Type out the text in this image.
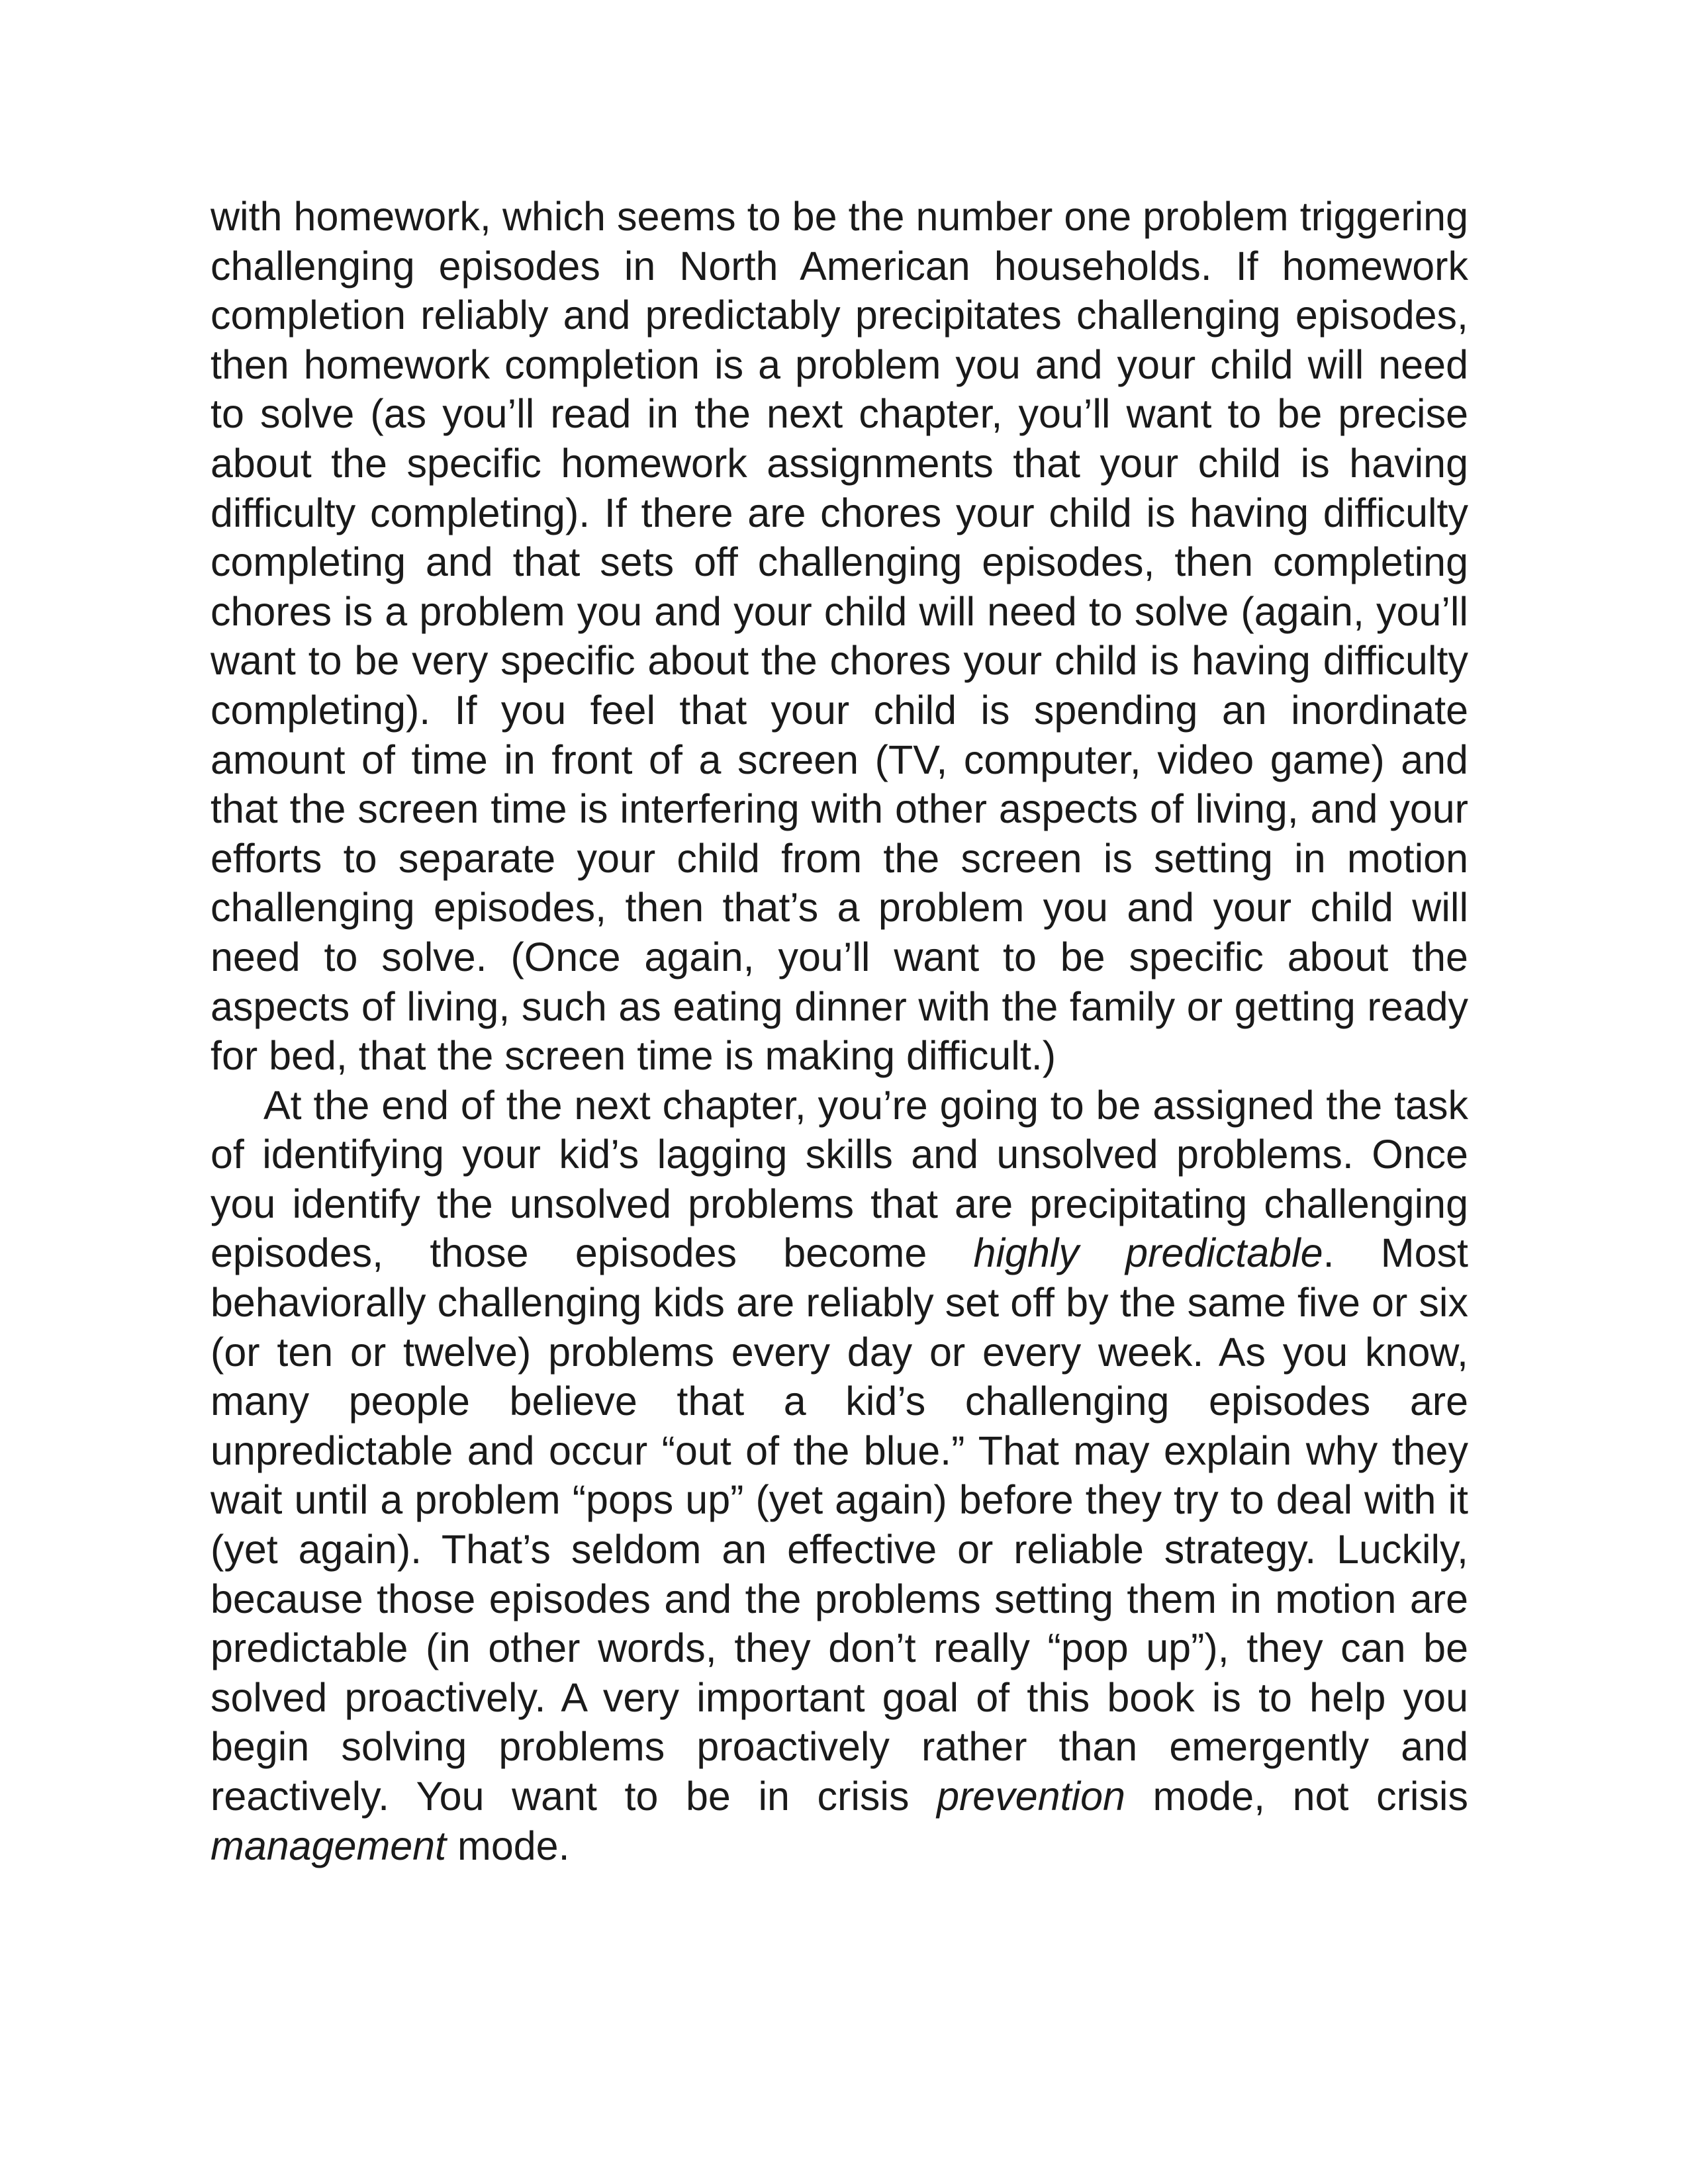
with homework, which seems to be the number one problem triggering challenging episodes in North American households. If homework completion reliably and predictably precipitates challenging episodes, then homework completion is a problem you and your child will need to solve (as you’ll read in the next chapter, you’ll want to be precise about the specific homework assignments that your child is having difficulty completing). If there are chores your child is having difficulty completing and that sets off challenging episodes, then completing chores is a problem you and your child will need to solve (again, you’ll want to be very specific about the chores your child is having difficulty completing). If you feel that your child is spending an inordinate amount of time in front of a screen (TV, computer, video game) and that the screen time is interfering with other aspects of living, and your efforts to separate your child from the screen is setting in motion challenging episodes, then that’s a problem you and your child will need to solve. (Once again, you’ll want to be specific about the aspects of living, such as eating dinner with the family or getting ready for bed, that the screen time is making difficult.)

At the end of the next chapter, you’re going to be assigned the task of identifying your kid’s lagging skills and unsolved problems. Once you identify the unsolved problems that are precipitating challenging episodes, those episodes become highly predictable. Most behaviorally challenging kids are reliably set off by the same five or six (or ten or twelve) problems every day or every week. As you know, many people believe that a kid’s challenging episodes are unpredictable and occur “out of the blue.” That may explain why they wait until a problem “pops up” (yet again) before they try to deal with it (yet again). That’s seldom an effective or reliable strategy. Luckily, because those episodes and the problems setting them in motion are predictable (in other words, they don’t really “pop up”), they can be solved proactively. A very important goal of this book is to help you begin solving problems proactively rather than emergently and reactively. You want to be in crisis prevention mode, not crisis management mode.
